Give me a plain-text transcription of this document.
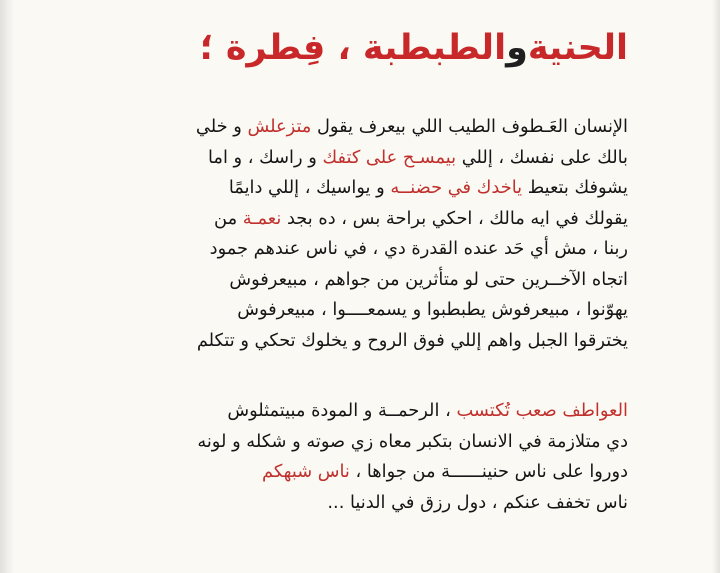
الحنيةوالطبطبة ، فِطرة ؛
الإنسان العَـطوف الطيب اللي بيعرف يقول متزعلش و خلي
بالك على نفسك ، إللي بيمسـح على كتفك و راسك ، و اما
يشوفك بتعيط ياخدك في حضنــه و يواسيك ، إللي دايمًا
يقولك في ايه مالك ، احكي براحة بس ، ده بجد نعمـة من
ربنا ، مش أي حَد عنده القدرة دي ، في ناس عندهم جمود
اتجاه الآخــرين حتى لو متأثرين من جواهم ، مبيعرفوش
يهوّنوا ، مبيعرفوش يطبطبوا و يسمعــــوا ، مبيعرفوش
يخترقوا الجبل واهم إللي فوق الروح و يخلوك تحكي و تتكلم
العواطف صعب تُكتسب ، الرحمــة و المودة مبيتمثلوش
دي متلازمة في الانسان بتكبر معاه زي صوته و شكله و لونه
دوروا على ناس حنينــــــة من جواها ، ناس شبهكم
ناس تخفف عنكم ، دول رزق في الدنيا ...
